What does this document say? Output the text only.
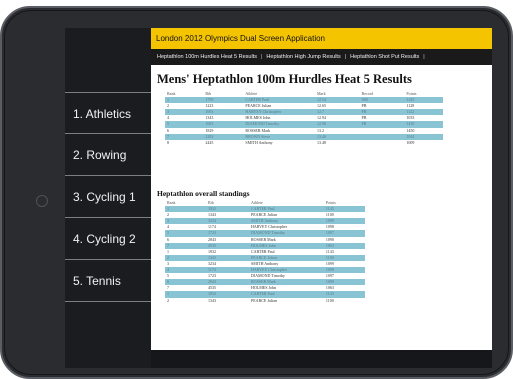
1. Athletics
2. Rowing
3. Cycling 1
4. Cycling 2
5. Tennis
London 2012 Olympics Dual Screen Application
Heptathlon 100m Hurdles Heat 5 Results | Heptathlon High Jump Results | Heptathlon Shot Put Results |
Mens' Heptathlon 100m Hurdles Heat 5 Results
Rank	Bib	Athlete	Mark	Record	Points
1	1799	CARTER Paul	12.54	WR	1145
2	1223	PEARCE Julian	12.65	PB	1128
3	1693	HARVEY Christopher	12.7	PB	1122
4	1343	HOLMES John	12.94	PB	1033
5	1683	DIAMOND Timothy	12.96	PB	1430
6	1829	ROSSER Mark	13.2		1450
7	2283	BROWN Steve	13.46		1044
8	2445	SMITH Anthony	13.48		1009
Heptathlon overall standings
Rank	Bib	Athlete	Points
1	1832	CARTER Paul	1145
2	1343	PEARCE Julian	1100
3	3234	SMITH Anthony	1099
4	1174	HARVEY Christopher	1098
5	1723	DIAMOND Timothy	1097
6	2843	ROSSER Mark	1090
7	4535	HOLMES John	1063
1	1832	CARTER Paul	1143
2	1343	PEARCE Julian	1100
3	3234	SMITH Anthony	1099
4	1174	HARVEY Christopher	1098
5	1723	DIAMOND Timothy	1097
6	2843	ROSSER Mark	1090
7	4535	HOLMES John	1063
1	1832	CARTER Paul	1143
2	1343	PEARCE Julian	1100
